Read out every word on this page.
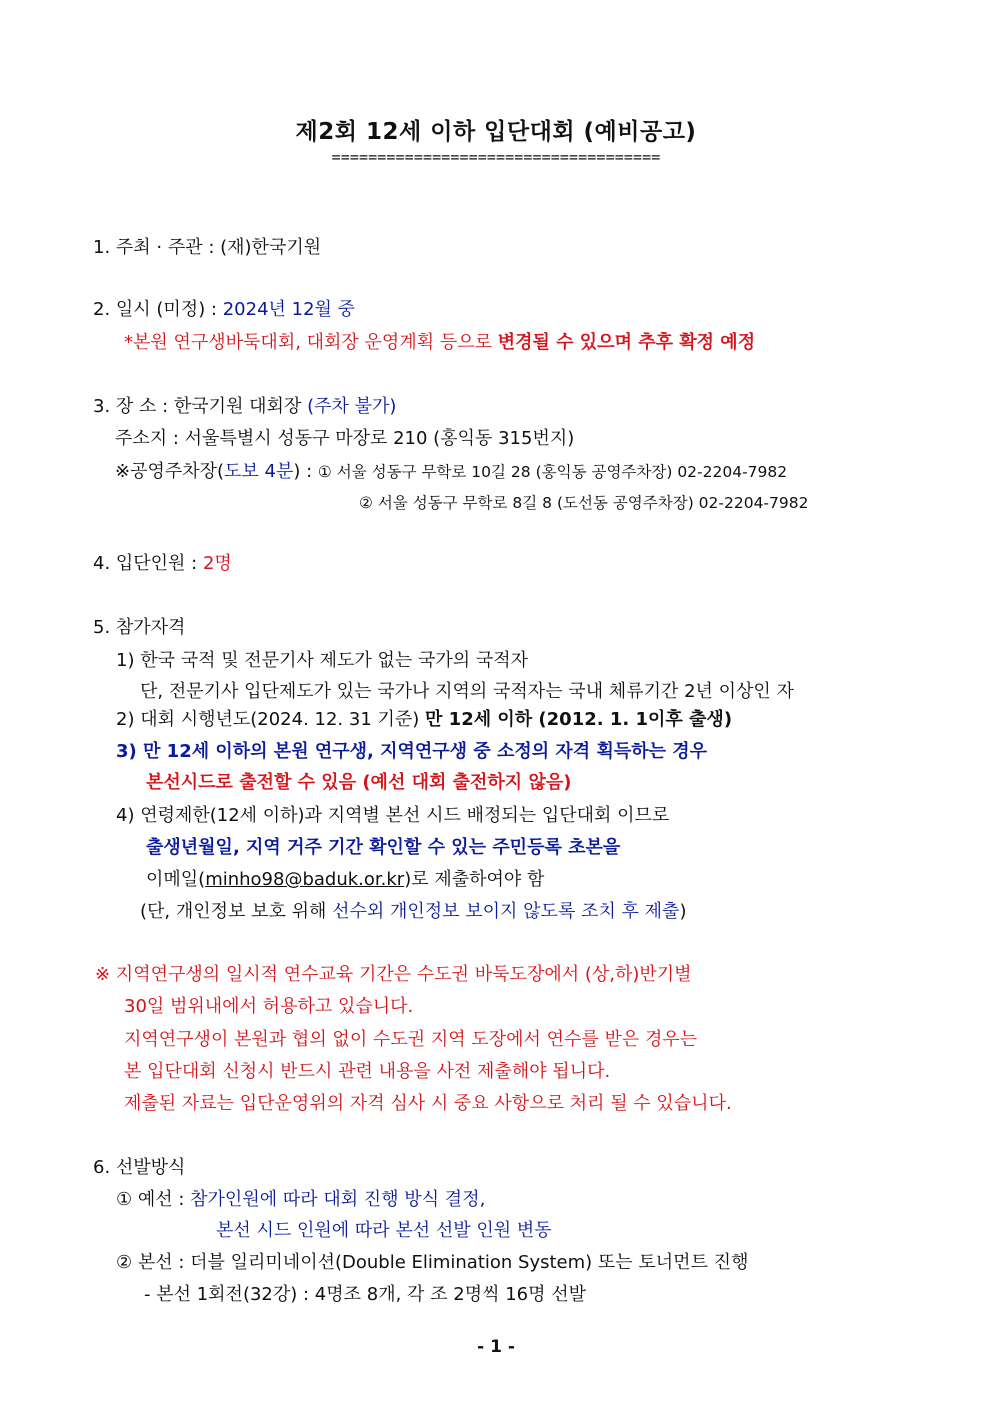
제2회 12세 이하 입단대회 (예비공고)
====================================
1. 주최 · 주관 : (재)한국기원
2. 일시 (미정) : 2024년 12월 중
*본원 연구생바둑대회, 대회장 운영계획 등으로 변경될 수 있으며 추후 확정 예정
3. 장 소 : 한국기원 대회장 (주차 불가)
주소지 : 서울특별시 성동구 마장로 210 (홍익동 315번지)
※공영주차장(도보 4분) : ① 서울 성동구 무학로 10길 28 (홍익동 공영주차장) 02-2204-7982
② 서울 성동구 무학로 8길 8 (도선동 공영주차장) 02-2204-7982
4. 입단인원 : 2명
5. 참가자격
1) 한국 국적 및 전문기사 제도가 없는 국가의 국적자
단, 전문기사 입단제도가 있는 국가나 지역의 국적자는 국내 체류기간 2년 이상인 자
2) 대회 시행년도(2024. 12. 31 기준) 만 12세 이하 (2012. 1. 1이후 출생)
3) 만 12세 이하의 본원 연구생, 지역연구생 중 소정의 자격 획득하는 경우
본선시드로 출전할 수 있음 (예선 대회 출전하지 않음)
4) 연령제한(12세 이하)과 지역별 본선 시드 배정되는 입단대회 이므로
출생년월일, 지역 거주 기간 확인할 수 있는 주민등록 초본을
이메일(minho98@baduk.or.kr)로 제출하여야 함
(단, 개인정보 보호 위해 선수외 개인정보 보이지 않도록 조치 후 제출)
※ 지역연구생의 일시적 연수교육 기간은 수도권 바둑도장에서 (상,하)반기별
30일 범위내에서 허용하고 있습니다.
지역연구생이 본원과 협의 없이 수도권 지역 도장에서 연수를 받은 경우는
본 입단대회 신청시 반드시 관련 내용을 사전 제출해야 됩니다.
제출된 자료는 입단운영위의 자격 심사 시 중요 사항으로 처리 될 수 있습니다.
6. 선발방식
① 예선 : 참가인원에 따라 대회 진행 방식 결정,
본선 시드 인원에 따라 본선 선발 인원 변동
② 본선 : 더블 일리미네이션(Double Elimination System) 또는 토너먼트 진행
- 본선 1회전(32강) : 4명조 8개, 각 조 2명씩 16명 선발
- 1 -
